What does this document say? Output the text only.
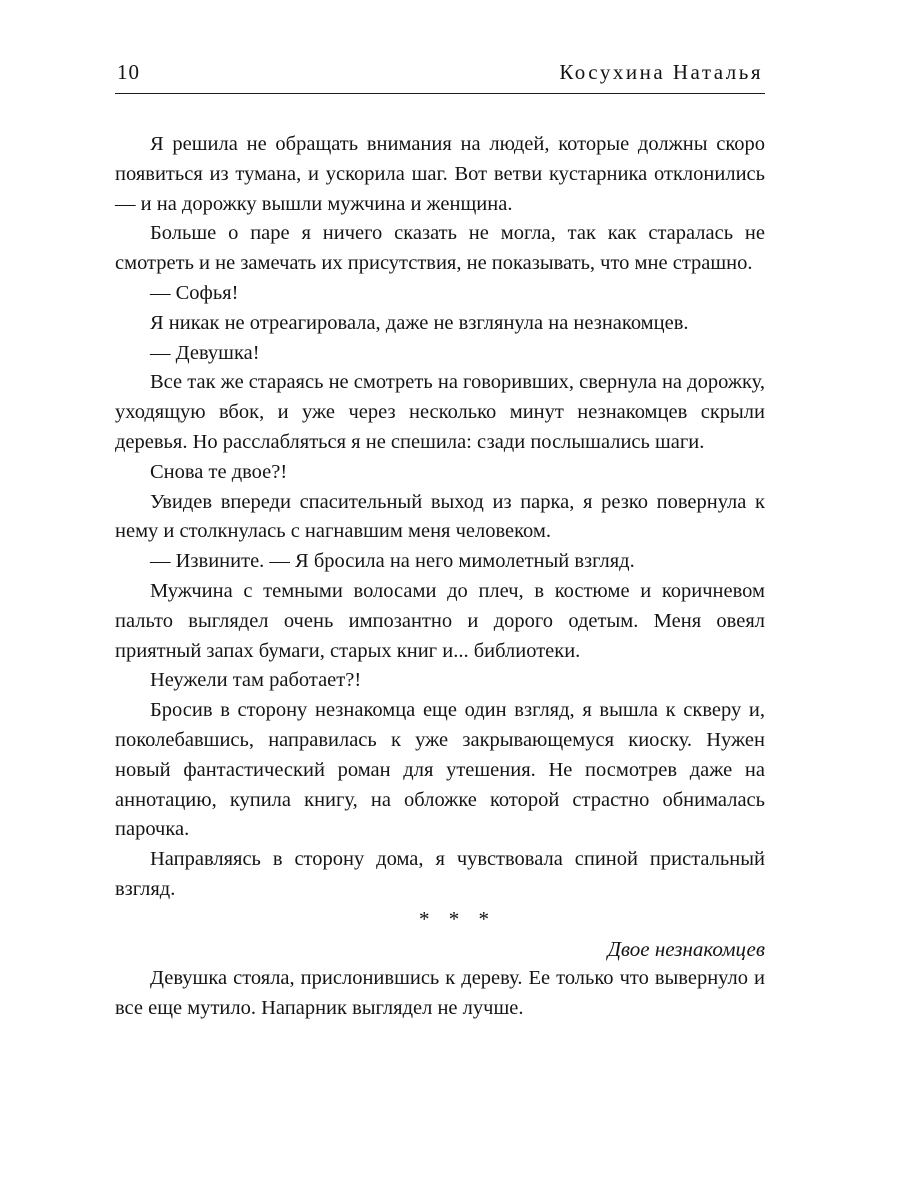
10	Косухина Наталья

Я решила не обращать внимания на людей, которые должны скоро появиться из тумана, и ускорила шаг. Вот ветви кустарника отклонились — и на дорожку вышли мужчина и женщина.

Больше о паре я ничего сказать не могла, так как старалась не смотреть и не замечать их присутствия, не показывать, что мне страшно.

— Софья!

Я никак не отреагировала, даже не взглянула на незнакомцев.

— Девушка!

Все так же стараясь не смотреть на говоривших, свернула на дорожку, уходящую вбок, и уже через несколько минут незнакомцев скрыли деревья. Но расслабляться я не спешила: сзади послышались шаги.

Снова те двое?!

Увидев впереди спасительный выход из парка, я резко повернула к нему и столкнулась с нагнавшим меня человеком.

— Извините. — Я бросила на него мимолетный взгляд.

Мужчина с темными волосами до плеч, в костюме и коричневом пальто выглядел очень импозантно и дорого одетым. Меня овеял приятный запах бумаги, старых книг и... библиотеки.

Неужели там работает?!

Бросив в сторону незнакомца еще один взгляд, я вышла к скверу и, поколебавшись, направилась к уже закрывающемуся киоску. Нужен новый фантастический роман для утешения. Не посмотрев даже на аннотацию, купила книгу, на обложке которой страстно обнималась парочка.

Направляясь в сторону дома, я чувствовала спиной пристальный взгляд.

* * *

Двое незнакомцев

Девушка стояла, прислонившись к дереву. Ее только что вывернуло и все еще мутило. Напарник выглядел не лучше.
